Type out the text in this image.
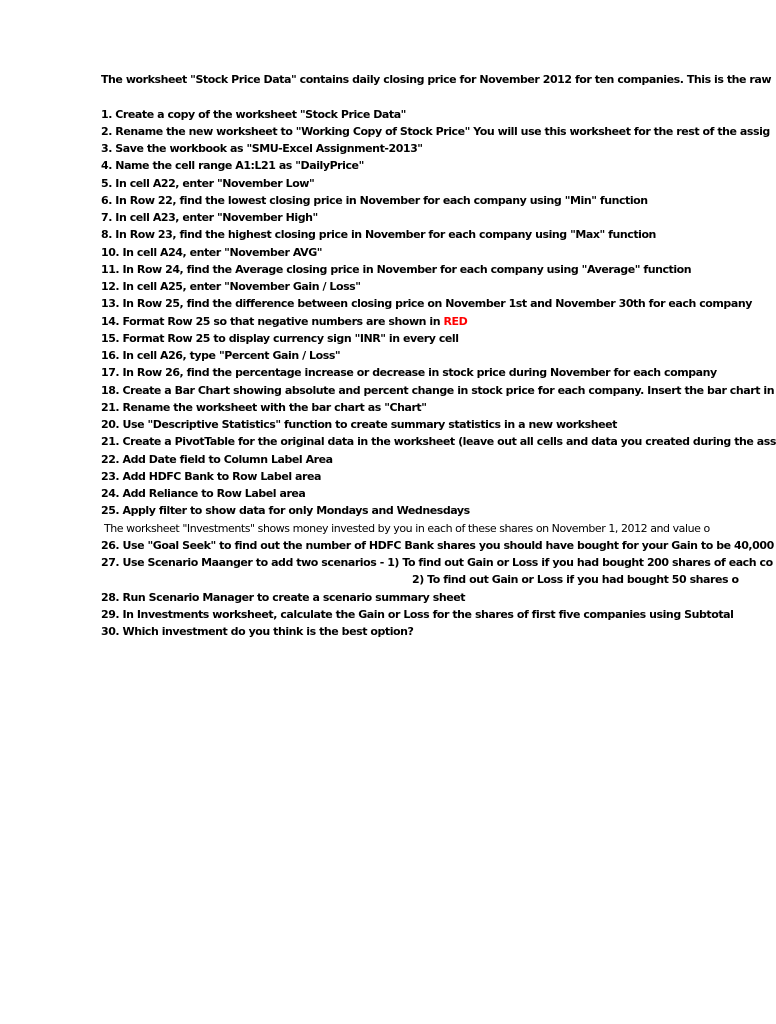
The worksheet "Stock Price Data" contains daily closing price for November 2012 for ten companies. This is the raw
1. Create a copy of the worksheet "Stock Price Data"
2. Rename the new worksheet to "Working Copy of Stock Price" You will use this worksheet for the rest of the assig
3. Save the workbook as "SMU-Excel Assignment-2013"
4. Name the cell range A1:L21 as "DailyPrice"
5. In cell A22, enter "November Low"
6. In Row 22, find the lowest closing price in November for each company using "Min" function
7. In cell A23, enter "November High"
8. In Row 23, find the highest closing price in November for each company using "Max" function
10. In cell A24, enter "November AVG"
11. In Row 24, find the Average closing price in November for each company using "Average" function
12. In cell A25, enter "November Gain / Loss"
13. In Row 25, find the difference between closing price on November 1st and November 30th for each company
14. Format Row 25 so that negative numbers are shown in RED
15. Format Row 25 to display currency sign "INR" in every cell
16. In cell A26, type "Percent Gain / Loss"
17. In Row 26, find the percentage increase or decrease in stock price during November for each company
18. Create a Bar Chart showing absolute and percent change in stock price for each company. Insert the bar chart in
21. Rename the worksheet with the bar chart as "Chart"
20. Use "Descriptive Statistics" function to create summary statistics in a new worksheet
21. Create a PivotTable for the original data in the worksheet (leave out all cells and data you created during the ass
22. Add Date field to Column Label Area
23. Add HDFC Bank to Row Label area
24. Add Reliance to Row Label area
25. Apply filter to show data for only Mondays and Wednesdays
The worksheet "Investments" shows money invested by you in each of these shares on November 1, 2012 and value o
26. Use "Goal Seek" to find out the number of HDFC Bank shares you should have bought for your Gain to be 40,000
27. Use Scenario Maanger to add two scenarios - 1) To find out Gain or Loss if you had bought 200 shares of each co
2) To find out Gain or Loss if you had bought 50 shares o
28. Run Scenario Manager to create a scenario summary sheet
29. In Investments worksheet, calculate the Gain or Loss for the shares of first five companies using Subtotal
30. Which investment do you think is the best option?
